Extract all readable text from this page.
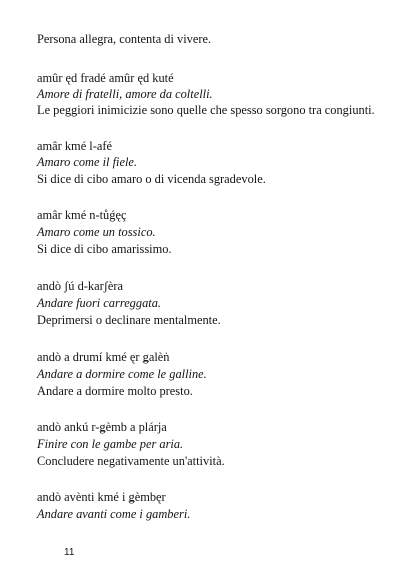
Persona allegra, contenta di vivere.
amûr ęd fradé amûr ęd kuté
Amore di fratelli, amore da coltelli.
Le peggiori inimicizie sono quelle che spesso sorgono tra congiunti.
amâr kmé l-afé
Amaro come il fiele.
Si dice di cibo amaro o di vicenda sgradevole.
amâr kmé n-tůǵęç
Amaro come un tossico.
Si dice di cibo amarissimo.
andò ʃú d-karʃèra
Andare fuori carreggata.
Deprimersi o declinare mentalmente.
andò a drumí kmé ęr ǥalèṅ
Andare a dormire come le galline.
Andare a dormire molto presto.
andò ankú r-ǥèmb a plárja
Finire con le gambe per aria.
Concludere negativamente un'attività.
andò avènti kmé i ǥèmbęr
Andare avanti come i gamberi.
11
